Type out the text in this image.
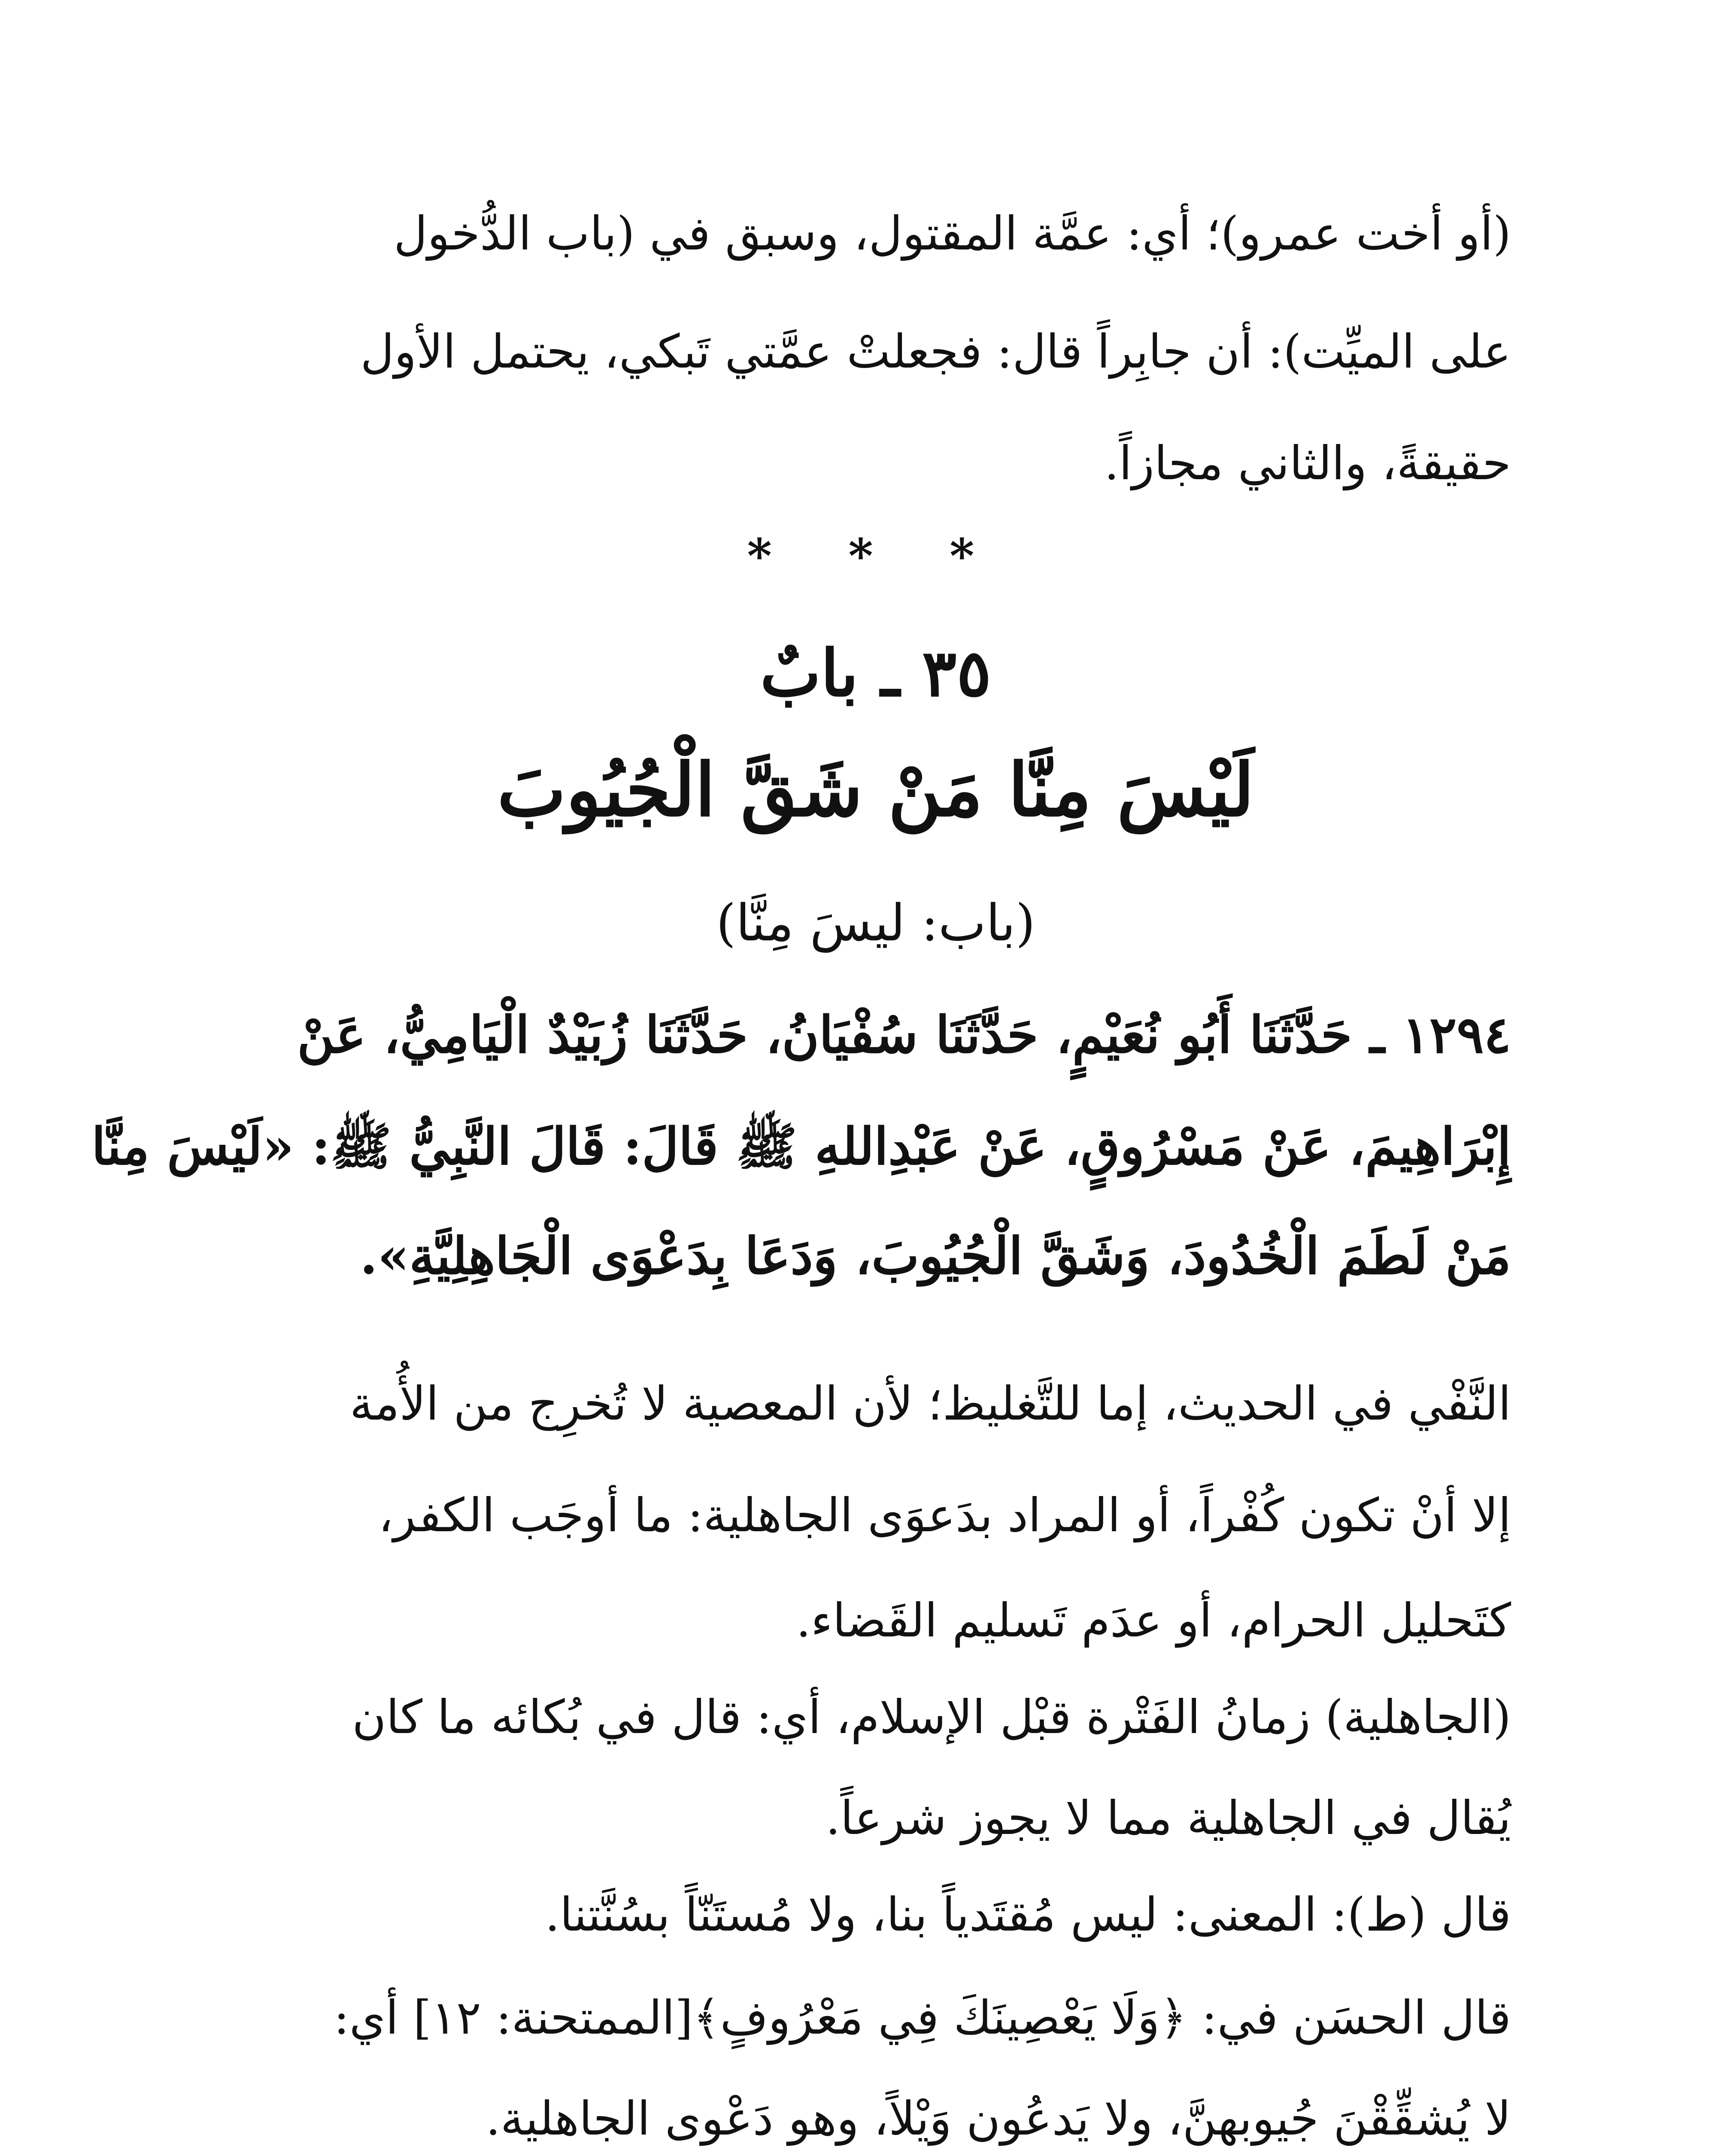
(أو أخت عمرو)؛ أي: عمَّة المقتول، وسبق في (باب الدُّخول
على الميِّت): أن جابِراً قال: فجعلتْ عمَّتي تَبكي، يحتمل الأول
حقيقةً، والثاني مجازاً.
* * *
٣٥ ـ بابٌ
لَيْسَ مِنَّا مَنْ شَقَّ الْجُيُوبَ
(باب: ليسَ مِنَّا)
١٢٩٤ ـ حَدَّثَنَا أَبُو نُعَيْمٍ، حَدَّثَنَا سُفْيَانُ، حَدَّثَنَا زُبَيْدٌ الْيَامِيُّ، عَنْ
إِبْرَاهِيمَ، عَنْ مَسْرُوقٍ، عَنْ عَبْدِاللهِ ﷺ قَالَ: قَالَ النَّبِيُّ ﷺ: «لَيْسَ مِنَّا
مَنْ لَطَمَ الْخُدُودَ، وَشَقَّ الْجُيُوبَ، وَدَعَا بِدَعْوَى الْجَاهِلِيَّةِ».
النَّفْي في الحديث، إما للتَّغليظ؛ لأن المعصية لا تُخرِج من الأُمة
إلا أنْ تكون كُفْراً، أو المراد بدَعوَى الجاهلية: ما أوجَب الكفر،
كتَحليل الحرام، أو عدَم تَسليم القَضاء.
(الجاهلية) زمانُ الفَتْرة قبْل الإسلام، أي: قال في بُكائه ما كان
يُقال في الجاهلية مما لا يجوز شرعاً.
قال (ط): المعنى: ليس مُقتَدياً بنا، ولا مُستَنّاً بسُنَّتنا.
قال الحسَن في: ﴿وَلَا يَعْصِينَكَ فِي مَعْرُوفٍ﴾[الممتحنة: ١٢] أي:
لا يُشقِّقْنَ جُيوبهنَّ، ولا يَدعُون وَيْلاً، وهو دَعْوى الجاهلية.
